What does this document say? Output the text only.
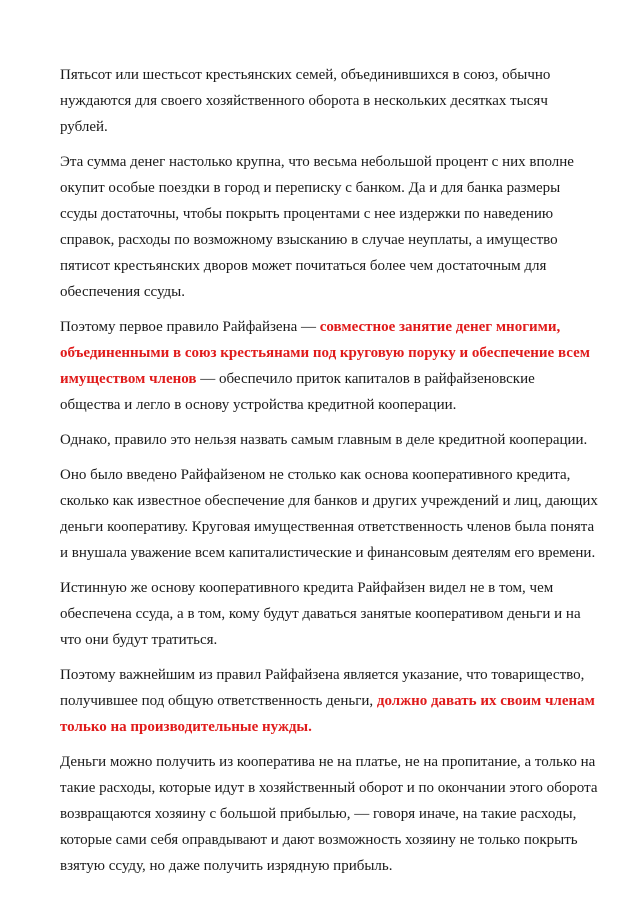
Пятьсот или шестьсот крестьянских семей, объединившихся в союз, обычно нуждаются для своего хозяйственного оборота в нескольких десятках тысяч рублей.

Эта сумма денег настолько крупна, что весьма небольшой процент с них вполне окупит особые поездки в город и переписку с банком. Да и для банка размеры ссуды достаточны, чтобы покрыть процентами с нее издержки по наведению справок, расходы по возможному взысканию в случае неуплаты, а имущество пятисот крестьянских дворов может почитаться более чем достаточным для обеспечения ссуды.

Поэтому первое правило Райфайзена — совместное занятие денег многими, объединенными в союз крестьянами под круговую поруку и обеспечение всем имуществом членов — обеспечило приток капиталов в райфайзеновские общества и легло в основу устройства кредитной кооперации.

Однако, правило это нельзя назвать самым главным в деле кредитной кооперации.

Оно было введено Райфайзеном не столько как основа кооперативного кредита, сколько как известное обеспечение для банков и других учреждений и лиц, дающих деньги кооперативу. Круговая имущественная ответственность членов была понята и внушала уважение всем капиталистические и финансовым деятелям его времени.

Истинную же основу кооперативного кредита Райфайзен видел не в том, чем обеспечена ссуда, а в том, кому будут даваться занятые кооперативом деньги и на что они будут тратиться.

Поэтому важнейшим из правил Райфайзена является указание, что товарищество, получившее под общую ответственность деньги, должно давать их своим членам только на производительные нужды.

Деньги можно получить из кооператива не на платье, не на пропитание, а только на такие расходы, которые идут в хозяйственный оборот и по окончании этого оборота возвращаются хозяину с большой прибылью, — говоря иначе, на такие расходы, которые сами себя оправдывают и дают возможность хозяину не только покрыть взятую ссуду, но даже получить изрядную прибыль.
